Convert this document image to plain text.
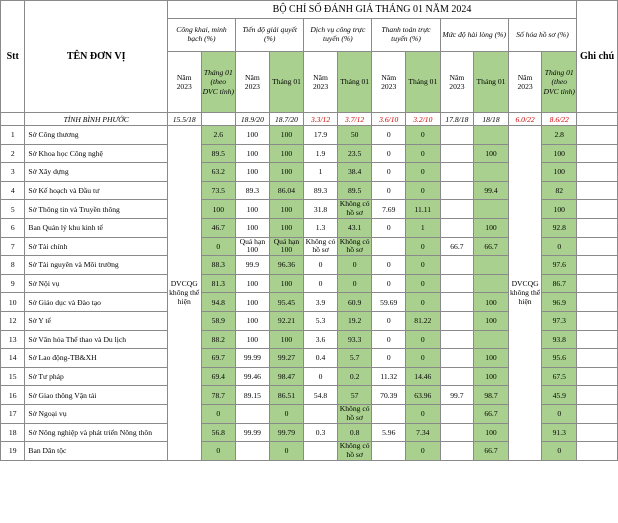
Stt	TÊN ĐƠN VỊ	BỘ CHỈ SỐ ĐÁNH GIÁ THÁNG 01 NĂM 2024												Ghi chú
		Công khai, minh bạch (%)		Tiến độ giải quyết (%)		Dịch vụ công trực tuyến (%)		Thanh toán trực tuyến (%)		Mức độ hài lòng (%)		Số hóa hồ sơ (%)		
		Năm 2023	Tháng 01 (theo DVC tỉnh)	Năm 2023	Tháng 01	Năm 2023	Tháng 01	Năm 2023	Tháng 01	Năm 2023	Tháng 01	Năm 2023	Tháng 01 (theo DVC tỉnh)	
	TỈNH BÌNH PHƯỚC	15.5/18		18.9/20	18.7/20	3.3/12	3.7/12	3.6/10	3.2/10	17.8/18	18/18	6.0/22	8.6/22	
1	Sở Công thương	DVCQG không thể hiện	2.6	100	100	17.9	50	0	0			DVCQG không thể hiện	2.8	
2	Sở Khoa học Công nghệ		89.5	100	100	1.9	23.5	0	0		100		100	
3	Sở Xây dựng		63.2	100	100	1	38.4	0	0				100	
4	Sở Kế hoạch và Đầu tư		73.5	89.3	86.04	89.3	89.5	0	0		99.4		82	
5	Sở Thông tin và Truyền thông		100	100	100	31.8	Không có hồ sơ	7.69	11.11				100	
6	Ban Quản lý khu kinh tế		46.7	100	100	1.3	43.1	0	1		100		92.8	
7	Sở Tài chính		0	Quá hạn 100	Quá hạn 100	Không có hồ sơ	Không có hồ sơ		0	66.7	66.7		0	
8	Sở Tài nguyên và Môi trường		88.3	99.9	96.36	0	0	0	0				97.6	
9	Sở Nội vụ		81.3	100	100	0	0	0	0				86.7	
10	Sở Giáo dục và Đào tạo		94.8	100	95.45	3.9	60.9	59.69	0		100		96.9	
12	Sở Y tế		58.9	100	92.21	5.3	19.2	0	81.22		100		97.3	
13	Sở Văn hóa Thể thao và Du lịch		88.2	100	100	3.6	93.3	0	0				93.8	
14	Sở Lao động-TB&XH		69.7	99.99	99.27	0.4	5.7	0	0		100		95.6	
15	Sở Tư pháp		69.4	99.46	98.47	0	0.2	11.32	14.46		100		67.5	
16	Sở Giao thông Vận tải		78.7	89.15	86.51	54.8	57	70.39	63.96	99.7	98.7		45.9	
17	Sở Ngoại vụ		0		0		Không có hồ sơ		0		66.7		0	
18	Sở Nông nghiệp và phát triển Nông thôn		56.8	99.99	99.79	0.3	0.8	5.96	7.34		100		91.3	
19	Ban Dân tộc		0		0		Không có hồ sơ		0		66.7		0	
